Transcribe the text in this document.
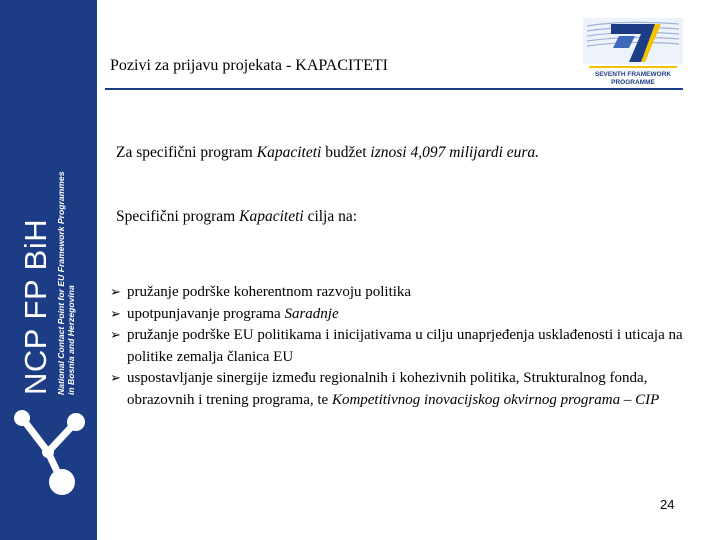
NCP FP BiH National Contact Point for EU Framework Programmes in Bosnia and Herzegovina
Pozivi za prijavu projekata - KAPACITETI
SEVENTH FRAMEWORK
PROGRAMME
Za specifični program Kapaciteti budžet iznosi 4,097 milijardi eura.
Specifični program Kapaciteti cilja na:
➢ pružanje podrške koherentnom razvoju politika
➢ upotpunjavanje programa Saradnje
➢ pružanje podrške EU politikama i inicijativama u cilju unaprjeđenja usklađenosti i uticaja na politike zemalja članica EU
➢ uspostavljanje sinergije između regionalnih i kohezivnih politika, Strukturalnog fonda, obrazovnih i trening programa, te Kompetitivnog inovacijskog okvirnog programa – CIP
24
